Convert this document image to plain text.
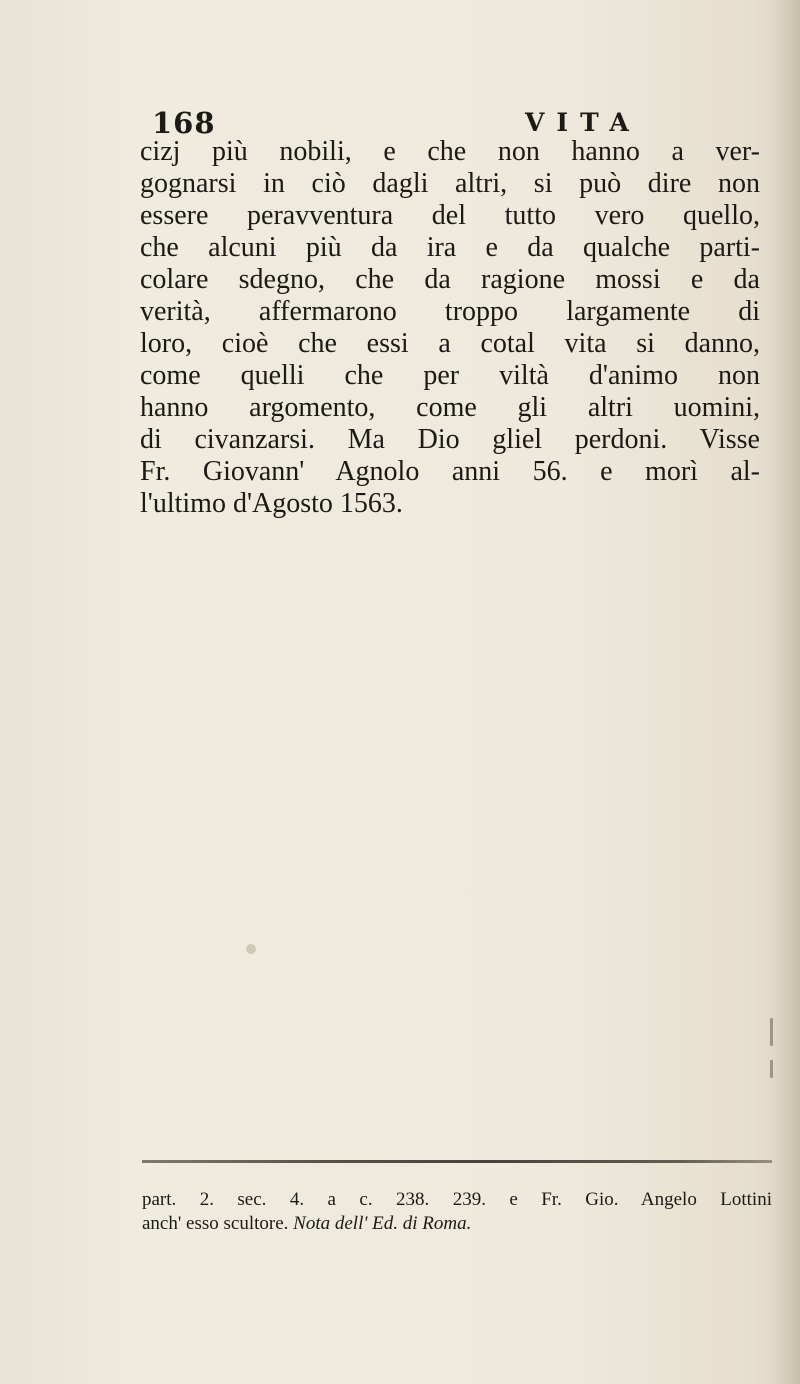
168	VITA
cizj più nobili, e che non hanno a ver-
gognarsi in ciò dagli altri, si può dire non
essere peravventura del tutto vero quello,
che alcuni più da ira e da qualche parti-
colare sdegno, che da ragione mossi e da
verità, affermarono troppo largamente di
loro, cioè che essi a cotal vita si danno,
come quelli che per viltà d'animo non
hanno argomento, come gli altri uomini,
di civanzarsi. Ma Dio gliel perdoni. Visse
Fr. Giovann' Agnolo anni 56. e morì al-
l'ultimo d'Agosto 1563.
part. 2. sec. 4. a c. 238. 239. e Fr. Gio. Angelo Lottini
anch' esso scultore. Nota dell' Ed. di Roma.
